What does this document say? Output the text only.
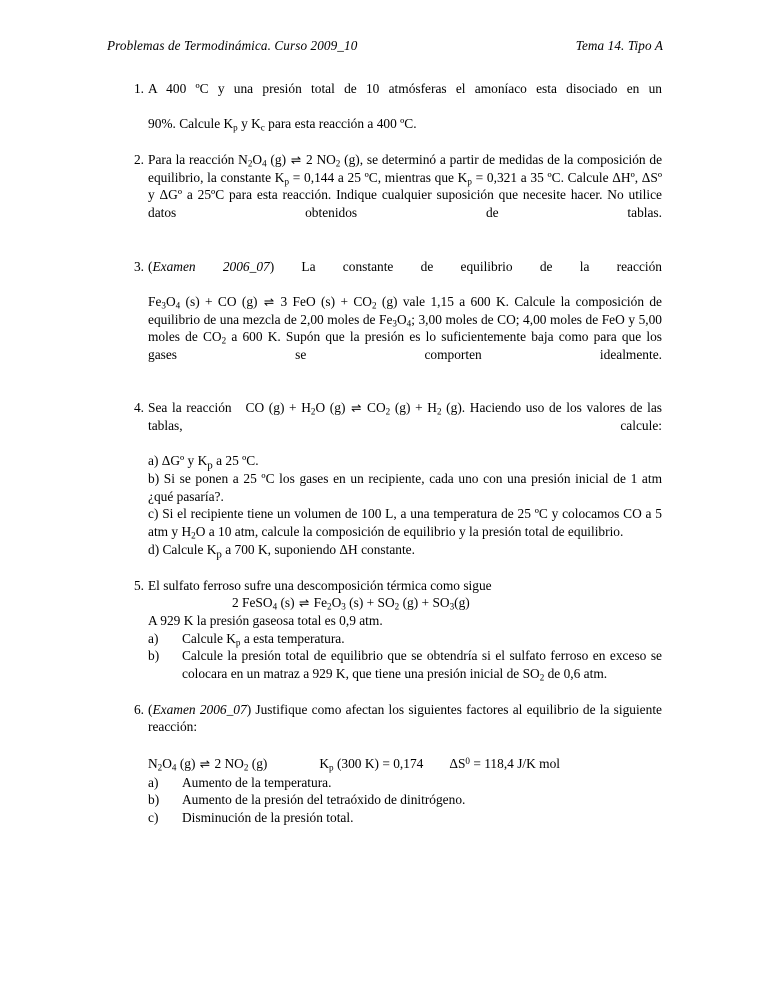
Problemas de Termodinámica. Curso 2009_10	Tema 14. Tipo A
1. A 400 ºC y una presión total de 10 atmósferas el amoníaco esta disociado en un

90%. Calcule $K_p$ y $K_c$ para esta reacción a 400 ºC.

2. Para la reacción $N_2O_4$ (g) ⇌ 2 $NO_2$ (g), se determinó a partir de medidas de la composición de equilibrio, la constante $K_p = 0,144$ a 25 ºC, mientras que $K_p = 0,321$ a 35 ºC. Calcule ΔHº, ΔSº y ΔGº a 25ºC para esta reacción. Indique cualquier suposición que necesite hacer. No utilice datos obtenidos de tablas.

3. (Examen 2006_07) La constante de equilibrio de la reacción

$Fe_3O_4$ (s) + CO (g) ⇌ 3 FeO $(s) + CO_2$ (g) vale 1,15 a 600 K. Calcule la composición de equilibrio de una mezcla de 2,00 moles de $Fe_3O_4$; 3,00 moles de CO; 4,00 moles de FeO y 5,00 moles de $CO_2$ a 600 K. Supón que la presión es lo suficientemente baja como para que los gases se comporten idealmente.

4. Sea la reacción   CO $(g) + H_2O$ (g) ⇌ $CO_2$ $(g) + H_2$ (g). Haciendo uso de los valores de las tablas, calcule:

a) ΔGº y $K_p$ a 25 ºC.

b) Si se ponen a 25 ºC los gases en un recipiente, cada uno con una presión inicial de 1 atm ¿qué pasaría?.

c) Si el recipiente tiene un volumen de 100 L, a una temperatura de 25 ºC y colocamos CO a 5 atm y $H_2O$ a 10 atm, calcule la composición de equilibrio y la presión total de equilibrio.

d) Calcule $K_p$ a 700 K, suponiendo ΔH constante.

5. El sulfato ferroso sufre una descomposición térmica como sigue

2 FeSO$_4$ (s) ⇌ $Fe_2O_3$ $(s) + SO_2$ $(g) + SO_3(g)$

A 929 K la presión gaseosa total es 0,9 atm.

a)	Calcule $K_p$ a esta temperatura.
b)	Calcule la presión total de equilibrio que se obtendría si el sulfato ferroso en exceso se colocara en un matraz a 929 K, que tiene una presión inicial de $SO_2$ de 0,6 atm.
6. (Examen 2006_07) Justifique como afectan los siguientes factores al equilibrio de la siguiente reacción:

$N_2O_4$ (g) ⇌ 2 $NO_2$ (g)	$K_p$ (300 K) = 0,174 $\Delta S^0 = 118,4$ J/K mol

a)	Aumento de la temperatura.
b)	Aumento de la presión del tetraóxido de dinitrógeno.
c)	Disminución de la presión total.
